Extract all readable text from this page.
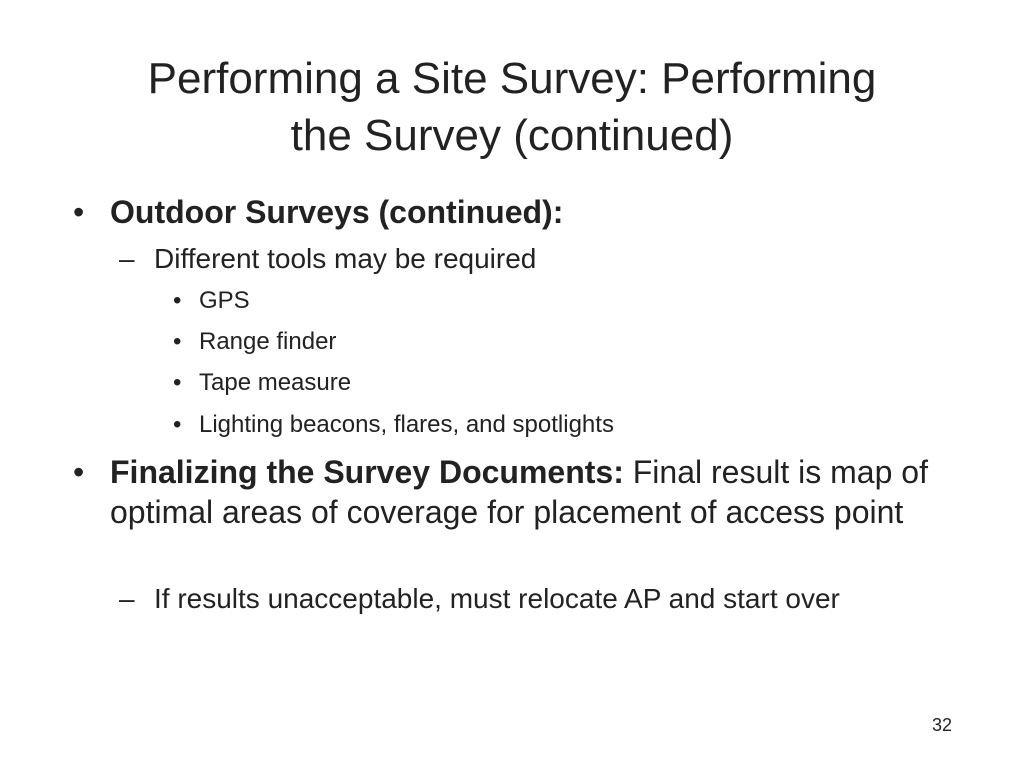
Performing a Site Survey: Performing
the Survey (continued)
• Outdoor Surveys (continued):
– Different tools may be required
• GPS
• Range finder
• Tape measure
• Lighting beacons, flares, and spotlights
• Finalizing the Survey Documents: Final result is map of optimal areas of coverage for placement of access point
– If results unacceptable, must relocate AP and start over
32
